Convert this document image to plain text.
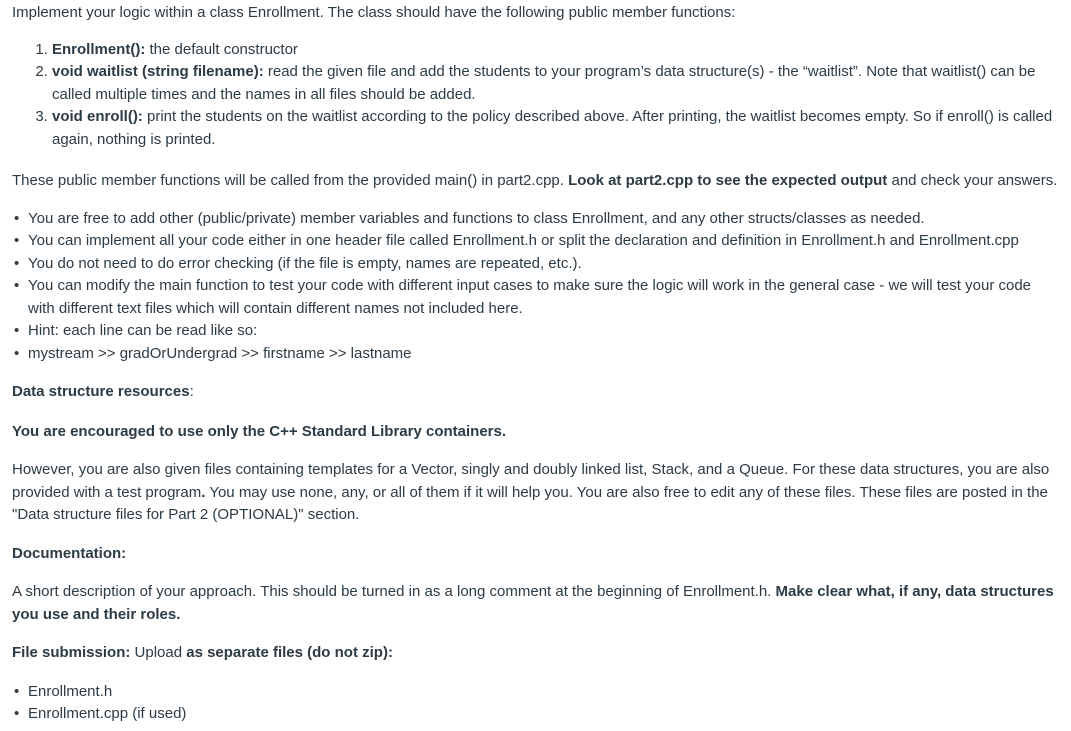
Implement your logic within a class Enrollment. The class should have the following public member functions:

1. Enrollment(): the default constructor
2. void waitlist (string filename): read the given file and add the students to your program’s data structure(s) - the “waitlist”. Note that waitlist() can be called multiple times and the names in all files should be added.
3. void enroll(): print the students on the waitlist according to the policy described above. After printing, the waitlist becomes empty. So if enroll() is called again, nothing is printed.

These public member functions will be called from the provided main() in part2.cpp. Look at part2.cpp to see the expected output and check your answers.

• You are free to add other (public/private) member variables and functions to class Enrollment, and any other structs/classes as needed.
• You can implement all your code either in one header file called Enrollment.h or split the declaration and definition in Enrollment.h and Enrollment.cpp
• You do not need to do error checking (if the file is empty, names are repeated, etc.).
• You can modify the main function to test your code with different input cases to make sure the logic will work in the general case - we will test your code with different text files which will contain different names not included here.
• Hint: each line can be read like so:
• mystream >> gradOrUndergrad >> firstname >> lastname

Data structure resources:

You are encouraged to use only the C++ Standard Library containers.

However, you are also given files containing templates for a Vector, singly and doubly linked list, Stack, and a Queue. For these data structures, you are also provided with a test program. You may use none, any, or all of them if it will help you. You are also free to edit any of these files. These files are posted in the "Data structure files for Part 2 (OPTIONAL)" section.

Documentation:

A short description of your approach. This should be turned in as a long comment at the beginning of Enrollment.h. Make clear what, if any, data structures you use and their roles.

File submission: Upload as separate files (do not zip):

• Enrollment.h
• Enrollment.cpp (if used)
